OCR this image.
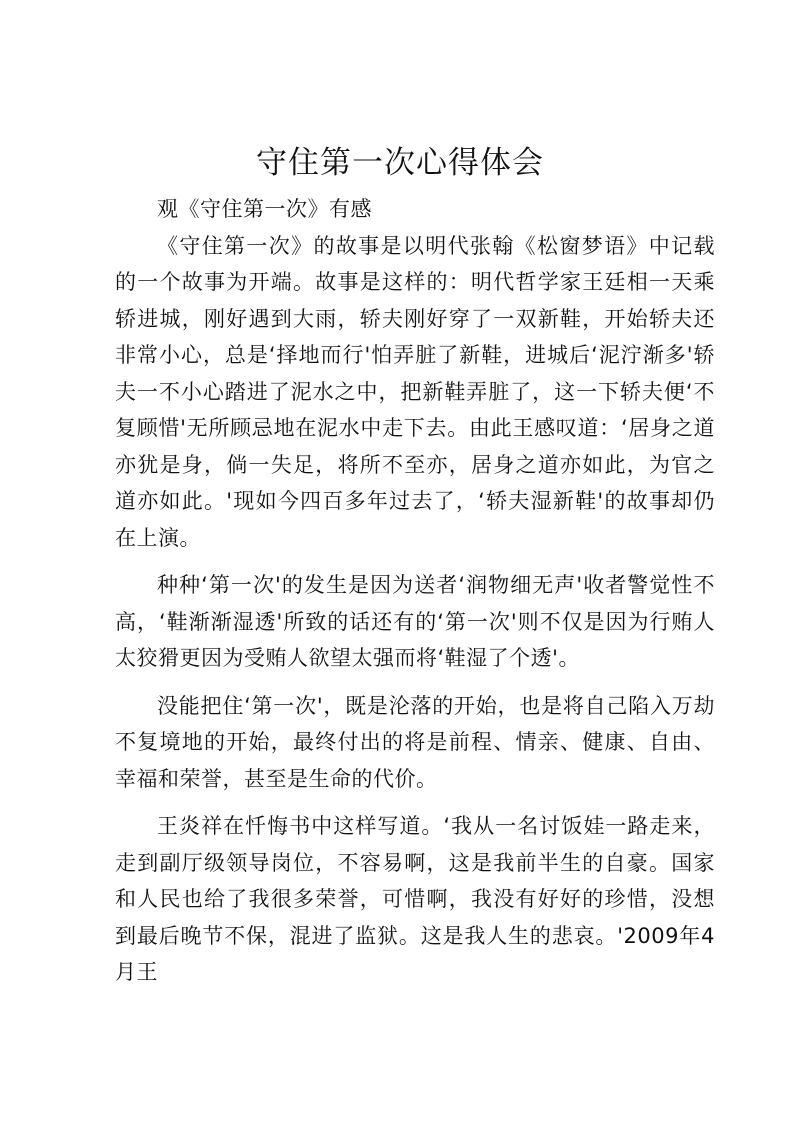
守住第一次心得体会

观《守住第一次》有感

《守住第一次》的故事是以明代张翰《松窗梦语》中记载的一个故事为开端。故事是这样的：明代哲学家王廷相一天乘轿进城，刚好遇到大雨，轿夫刚好穿了一双新鞋，开始轿夫还非常小心，总是‘择地而行'怕弄脏了新鞋，进城后‘泥泞渐多'轿夫一不小心踏进了泥水之中，把新鞋弄脏了，这一下轿夫便‘不复顾惜'无所顾忌地在泥水中走下去。由此王感叹道：‘居身之道亦犹是身，倘一失足，将所不至亦，居身之道亦如此，为官之道亦如此。'现如今四百多年过去了，‘轿夫湿新鞋'的故事却仍在上演。

种种‘第一次'的发生是因为送者‘润物细无声'收者警觉性不高，‘鞋渐渐湿透'所致的话还有的‘第一次'则不仅是因为行贿人太狡猾更因为受贿人欲望太强而将‘鞋湿了个透'。

没能把住‘第一次'，既是沦落的开始，也是将自己陷入万劫不复境地的开始，最终付出的将是前程、情亲、健康、自由、幸福和荣誉，甚至是生命的代价。

王炎祥在忏悔书中这样写道。‘我从一名讨饭娃一路走来，走到副厅级领导岗位，不容易啊，这是我前半生的自豪。国家和人民也给了我很多荣誉，可惜啊，我没有好好的珍惜，没想到最后晚节不保，混进了监狱。这是我人生的悲哀。'2009年4月王
